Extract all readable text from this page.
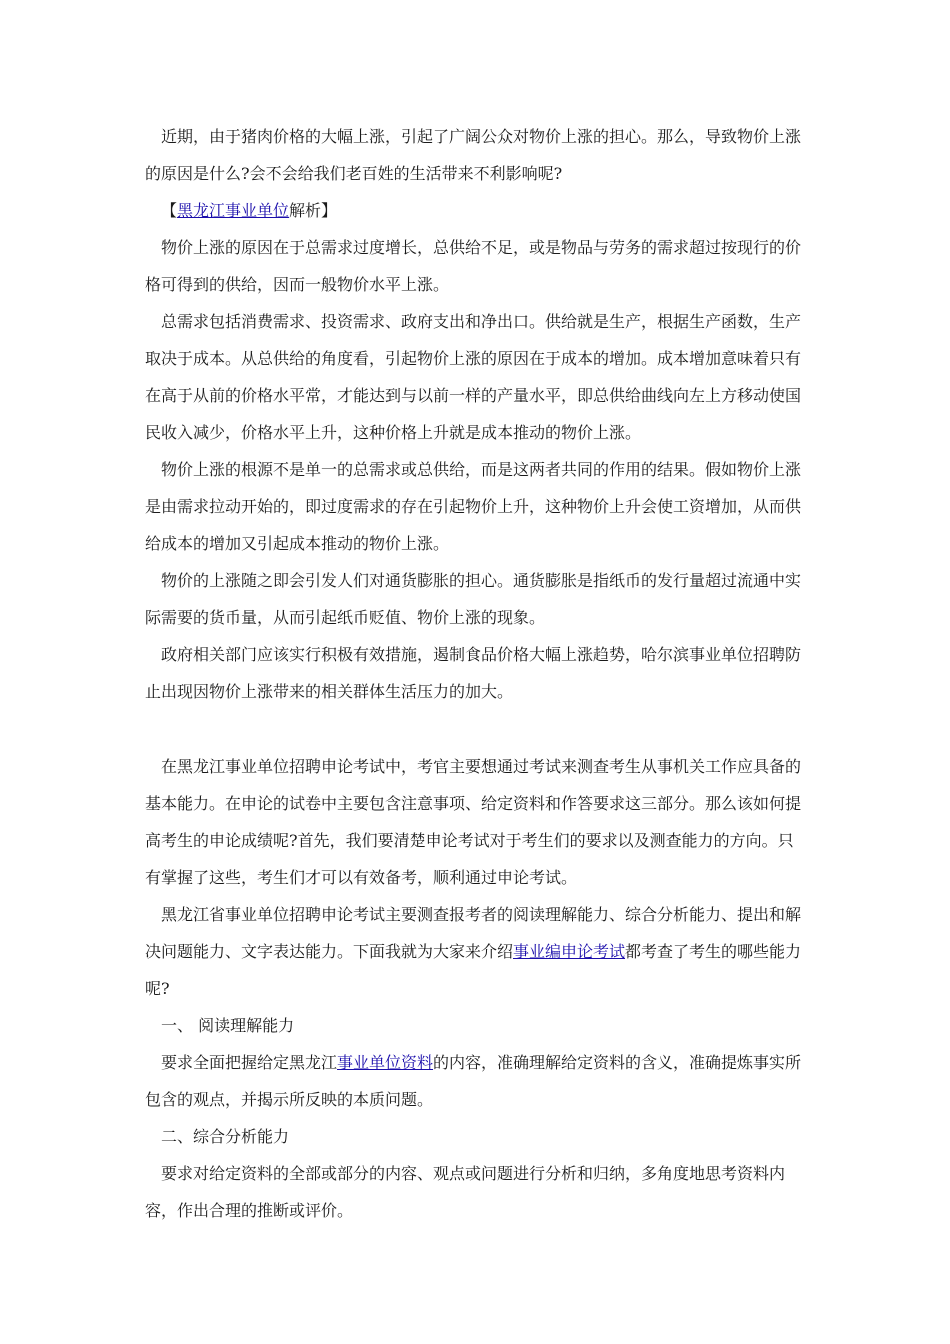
近期，由于猪肉价格的大幅上涨，引起了广阔公众对物价上涨的担心。那么，导致物价上涨的原因是什么?会不会给我们老百姓的生活带来不利影响呢?

【黑龙江事业单位解析】

物价上涨的原因在于总需求过度增长，总供给不足，或是物品与劳务的需求超过按现行的价格可得到的供给，因而一般物价水平上涨。

总需求包括消费需求、投资需求、政府支出和净出口。供给就是生产，根据生产函数，生产取决于成本。从总供给的角度看，引起物价上涨的原因在于成本的增加。成本增加意味着只有在高于从前的价格水平常，才能达到与以前一样的产量水平，即总供给曲线向左上方移动使国民收入减少，价格水平上升，这种价格上升就是成本推动的物价上涨。

物价上涨的根源不是单一的总需求或总供给，而是这两者共同的作用的结果。假如物价上涨是由需求拉动开始的，即过度需求的存在引起物价上升，这种物价上升会使工资增加，从而供给成本的增加又引起成本推动的物价上涨。

物价的上涨随之即会引发人们对通货膨胀的担心。通货膨胀是指纸币的发行量超过流通中实际需要的货币量，从而引起纸币贬值、物价上涨的现象。

政府相关部门应该实行积极有效措施，遏制食品价格大幅上涨趋势，哈尔滨事业单位招聘防止出现因物价上涨带来的相关群体生活压力的加大。

在黑龙江事业单位招聘申论考试中，考官主要想通过考试来测查考生从事机关工作应具备的基本能力。在申论的试卷中主要包含注意事项、给定资料和作答要求这三部分。那么该如何提高考生的申论成绩呢?首先，我们要清楚申论考试对于考生们的要求以及测查能力的方向。只有掌握了这些，考生们才可以有效备考，顺利通过申论考试。

黑龙江省事业单位招聘申论考试主要测查报考者的阅读理解能力、综合分析能力、提出和解决问题能力、文字表达能力。下面我就为大家来介绍事业编申论考试都考查了考生的哪些能力呢?

一、 阅读理解能力

要求全面把握给定黑龙江事业单位资料的内容，准确理解给定资料的含义，准确提炼事实所包含的观点，并揭示所反映的本质问题。

二、综合分析能力

要求对给定资料的全部或部分的内容、观点或问题进行分析和归纳，多角度地思考资料内容，作出合理的推断或评价。
